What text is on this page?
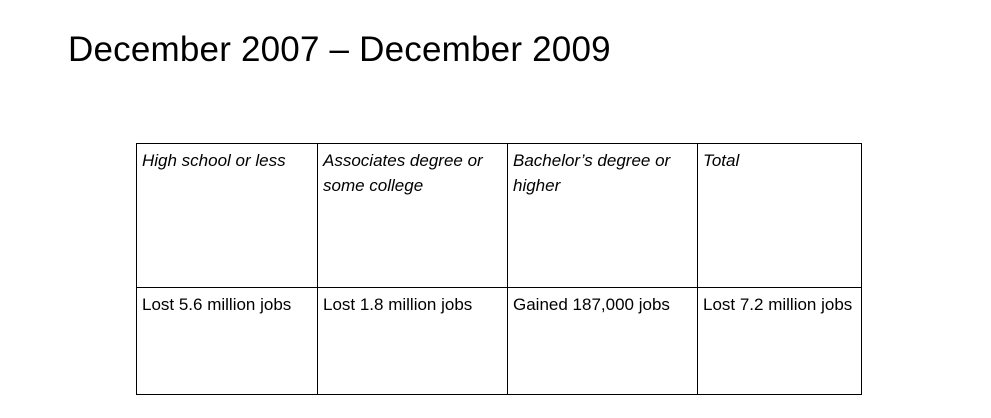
December 2007 – December 2009
High school or less	Associates degree or some college	Bachelor’s degree or higher	Total
Lost 5.6 million jobs	Lost 1.8 million jobs	Gained 187,000 jobs	Lost 7.2 million jobs
